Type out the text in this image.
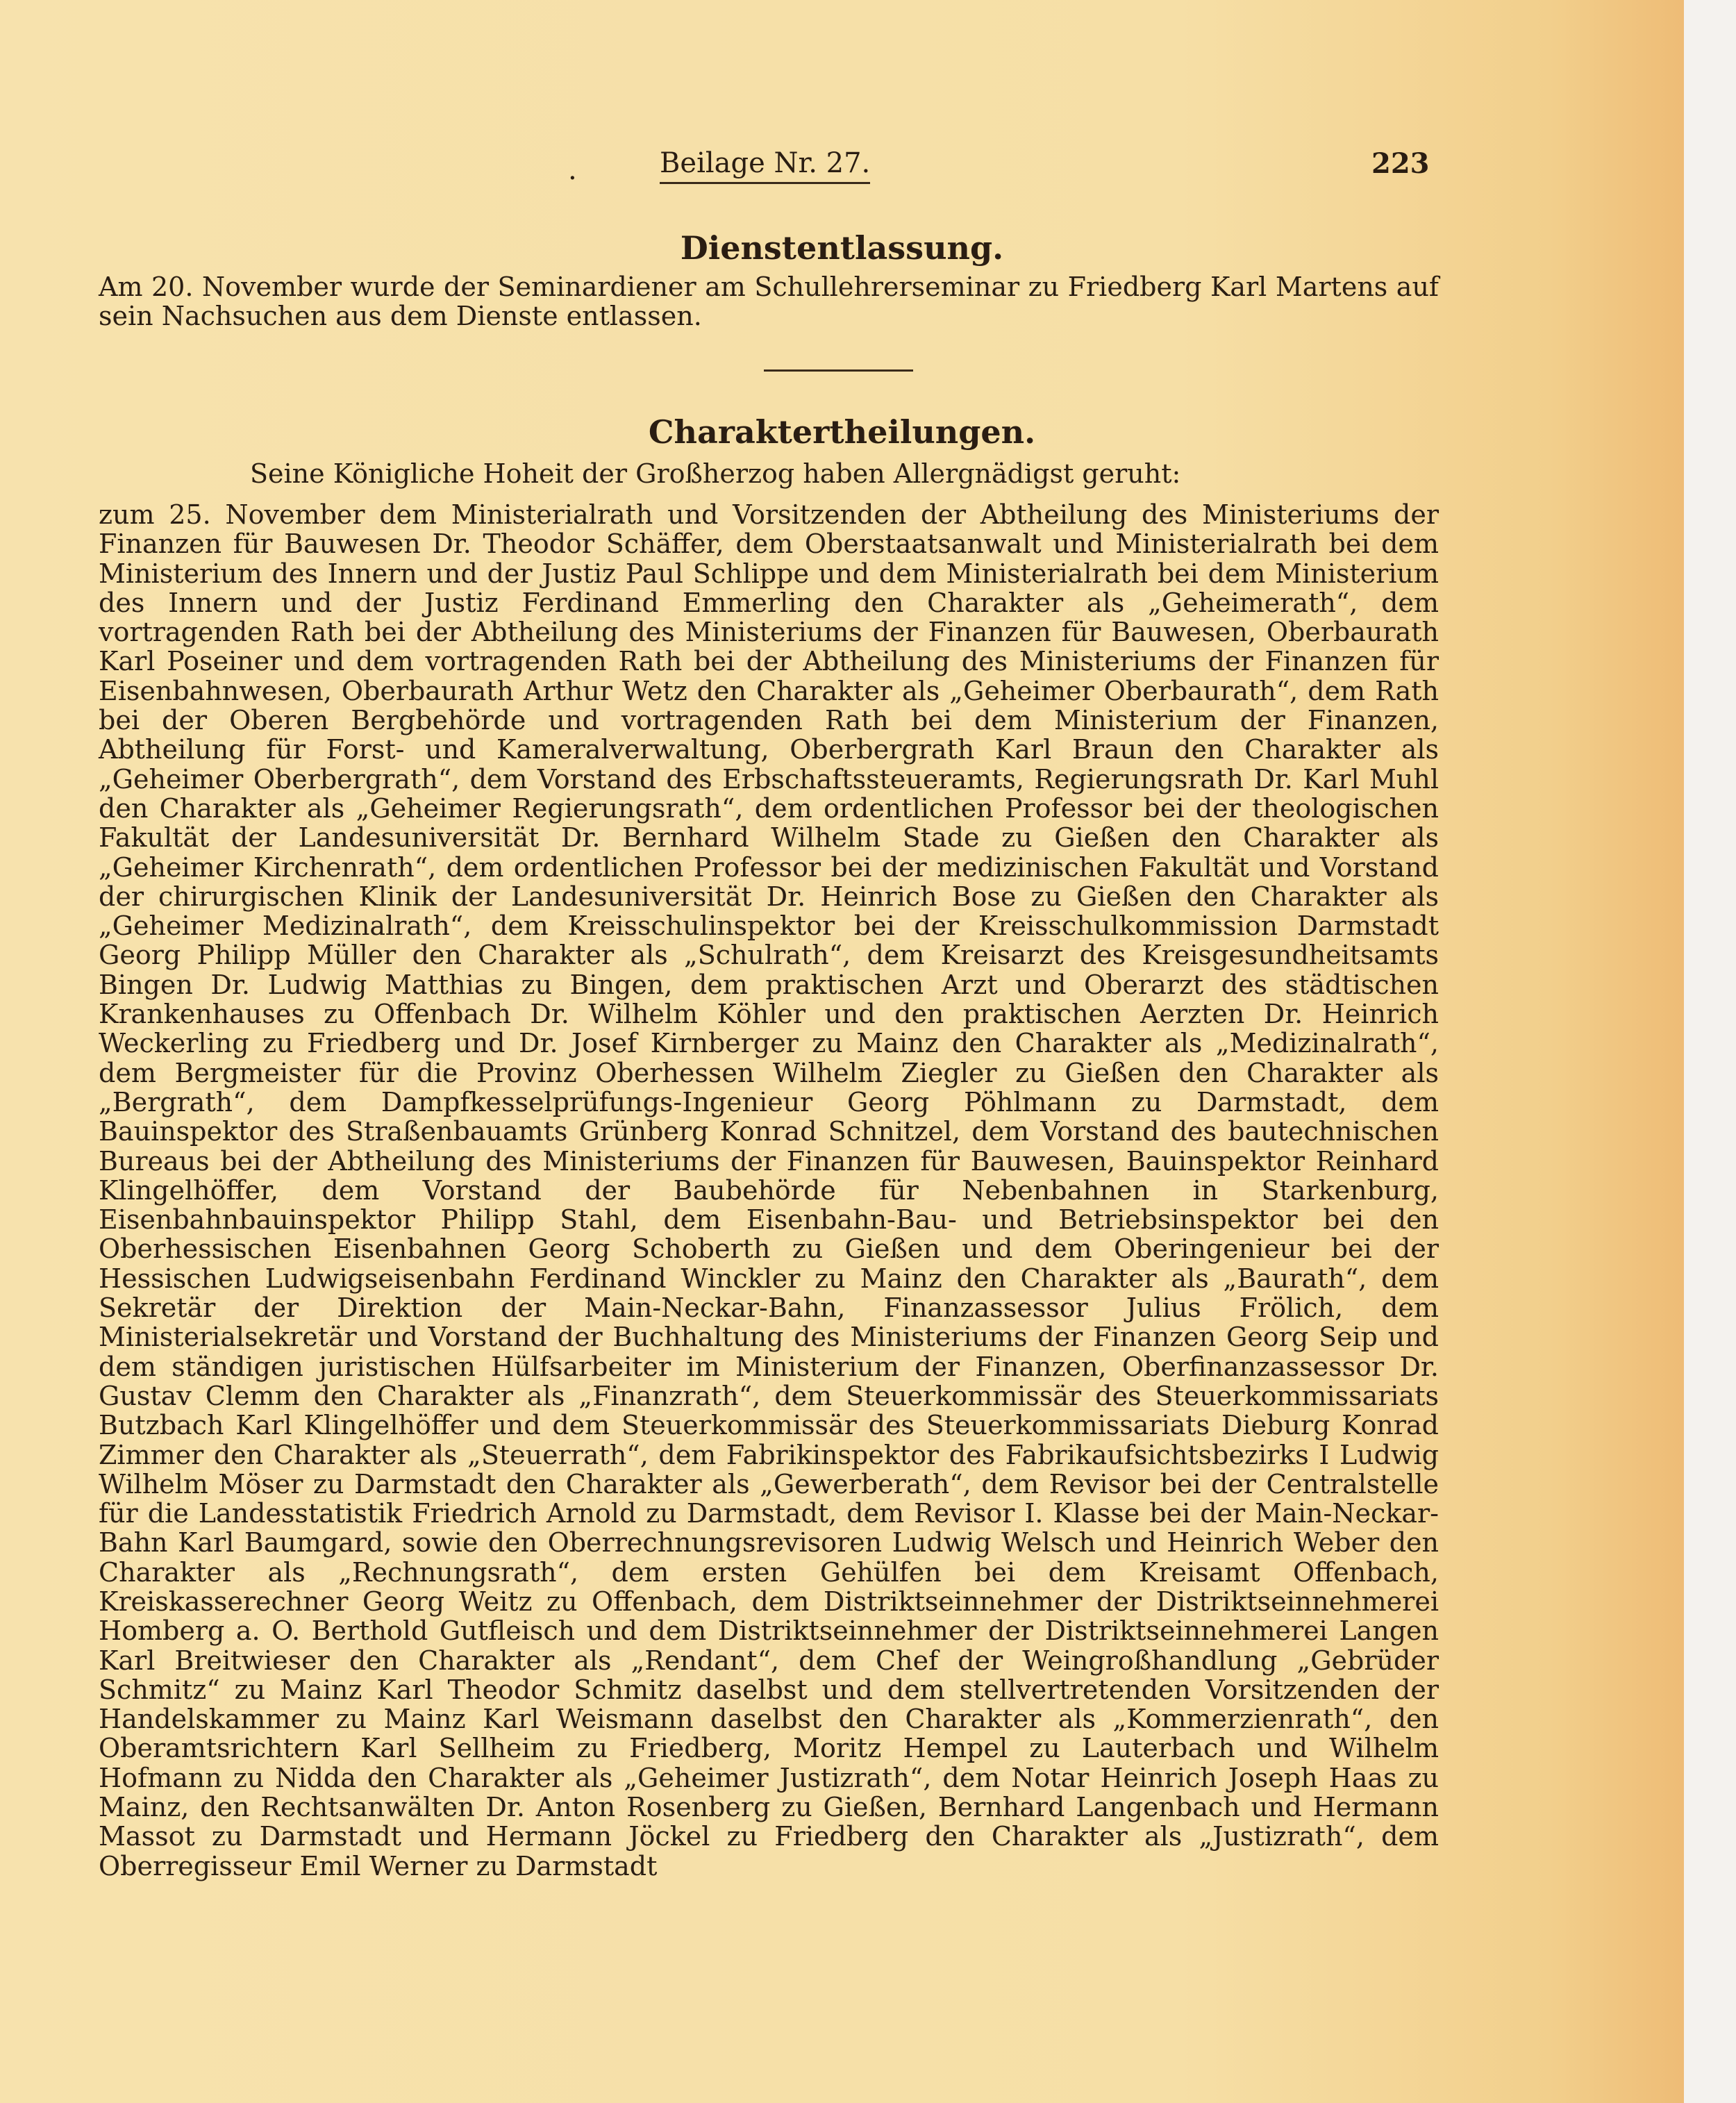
.	Beilage Nr. 27.	223
Dienstentlassung.
Am 20. November wurde der Seminardiener am Schullehrerseminar zu Friedberg Karl Martens auf sein Nachsuchen aus dem Dienste entlassen.
Charaktertheilungen.
Seine Königliche Hoheit der Großherzog haben Allergnädigst geruht:
zum 25. November dem Ministerialrath und Vorsitzenden der Abtheilung des Ministeriums der Finanzen für Bauwesen Dr. Theodor Schäffer, dem Oberstaatsanwalt und Ministerialrath bei dem Ministerium des Innern und der Justiz Paul Schlippe und dem Ministerialrath bei dem Ministerium des Innern und der Justiz Ferdinand Emmerling den Charakter als „Geheimerath“, dem vortragenden Rath bei der Abtheilung des Ministeriums der Finanzen für Bauwesen, Oberbaurath Karl Poseiner und dem vortragenden Rath bei der Abtheilung des Ministeriums der Finanzen für Eisenbahnwesen, Oberbaurath Arthur Wetz den Charakter als „Geheimer Oberbaurath“, dem Rath bei der Oberen Bergbehörde und vortragenden Rath bei dem Ministerium der Finanzen, Abtheilung für Forst- und Kameralverwaltung, Oberbergrath Karl Braun den Charakter als „Geheimer Oberbergrath“, dem Vorstand des Erbschaftssteueramts, Regierungsrath Dr. Karl Muhl den Charakter als „Geheimer Regierungsrath“, dem ordentlichen Professor bei der theologischen Fakultät der Landesuniversität Dr. Bernhard Wilhelm Stade zu Gießen den Charakter als „Geheimer Kirchenrath“, dem ordentlichen Professor bei der medizinischen Fakultät und Vorstand der chirurgischen Klinik der Landesuniversität Dr. Heinrich Bose zu Gießen den Charakter als „Geheimer Medizinalrath“, dem Kreisschulinspektor bei der Kreisschulkommission Darmstadt Georg Philipp Müller den Charakter als „Schulrath“, dem Kreisarzt des Kreisgesundheitsamts Bingen Dr. Ludwig Matthias zu Bingen, dem praktischen Arzt und Oberarzt des städtischen Krankenhauses zu Offenbach Dr. Wilhelm Köhler und den praktischen Aerzten Dr. Heinrich Weckerling zu Friedberg und Dr. Josef Kirnberger zu Mainz den Charakter als „Medizinalrath“, dem Bergmeister für die Provinz Oberhessen Wilhelm Ziegler zu Gießen den Charakter als „Bergrath“, dem Dampfkesselprüfungs-Ingenieur Georg Pöhlmann zu Darmstadt, dem Bauinspektor des Straßenbauamts Grünberg Konrad Schnitzel, dem Vorstand des bautechnischen Bureaus bei der Abtheilung des Ministeriums der Finanzen für Bauwesen, Bauinspektor Reinhard Klingelhöffer, dem Vorstand der Baubehörde für Nebenbahnen in Starkenburg, Eisenbahnbauinspektor Philipp Stahl, dem Eisenbahn-Bau- und Betriebsinspektor bei den Oberhessischen Eisenbahnen Georg Schoberth zu Gießen und dem Oberingenieur bei der Hessischen Ludwigseisenbahn Ferdinand Winckler zu Mainz den Charakter als „Baurath“, dem Sekretär der Direktion der Main-Neckar-Bahn, Finanzassessor Julius Frölich, dem Ministerialsekretär und Vorstand der Buchhaltung des Ministeriums der Finanzen Georg Seip und dem ständigen juristischen Hülfsarbeiter im Ministerium der Finanzen, Oberfinanzassessor Dr. Gustav Clemm den Charakter als „Finanzrath“, dem Steuerkommissär des Steuerkommissariats Butzbach Karl Klingelhöffer und dem Steuerkommissär des Steuerkommissariats Dieburg Konrad Zimmer den Charakter als „Steuerrath“, dem Fabrikinspektor des Fabrikaufsichtsbezirks I Ludwig Wilhelm Möser zu Darmstadt den Charakter als „Gewerberath“, dem Revisor bei der Centralstelle für die Landesstatistik Friedrich Arnold zu Darmstadt, dem Revisor I. Klasse bei der Main-Neckar-Bahn Karl Baumgard, sowie den Oberrechnungsrevisoren Ludwig Welsch und Heinrich Weber den Charakter als „Rechnungsrath“, dem ersten Gehülfen bei dem Kreisamt Offenbach, Kreiskasserechner Georg Weitz zu Offenbach, dem Distriktseinnehmer der Distriktseinnehmerei Homberg a. O. Berthold Gutfleisch und dem Distriktseinnehmer der Distriktseinnehmerei Langen Karl Breitwieser den Charakter als „Rendant“, dem Chef der Weingroßhandlung „Gebrüder Schmitz“ zu Mainz Karl Theodor Schmitz daselbst und dem stellvertretenden Vorsitzenden der Handelskammer zu Mainz Karl Weismann daselbst den Charakter als „Kommerzienrath“, den Oberamtsrichtern Karl Sellheim zu Friedberg, Moritz Hempel zu Lauterbach und Wilhelm Hofmann zu Nidda den Charakter als „Geheimer Justizrath“, dem Notar Heinrich Joseph Haas zu Mainz, den Rechtsanwälten Dr. Anton Rosenberg zu Gießen, Bernhard Langenbach und Hermann Massot zu Darmstadt und Hermann Jöckel zu Friedberg den Charakter als „Justizrath“, dem Oberregisseur Emil Werner zu Darmstadt
